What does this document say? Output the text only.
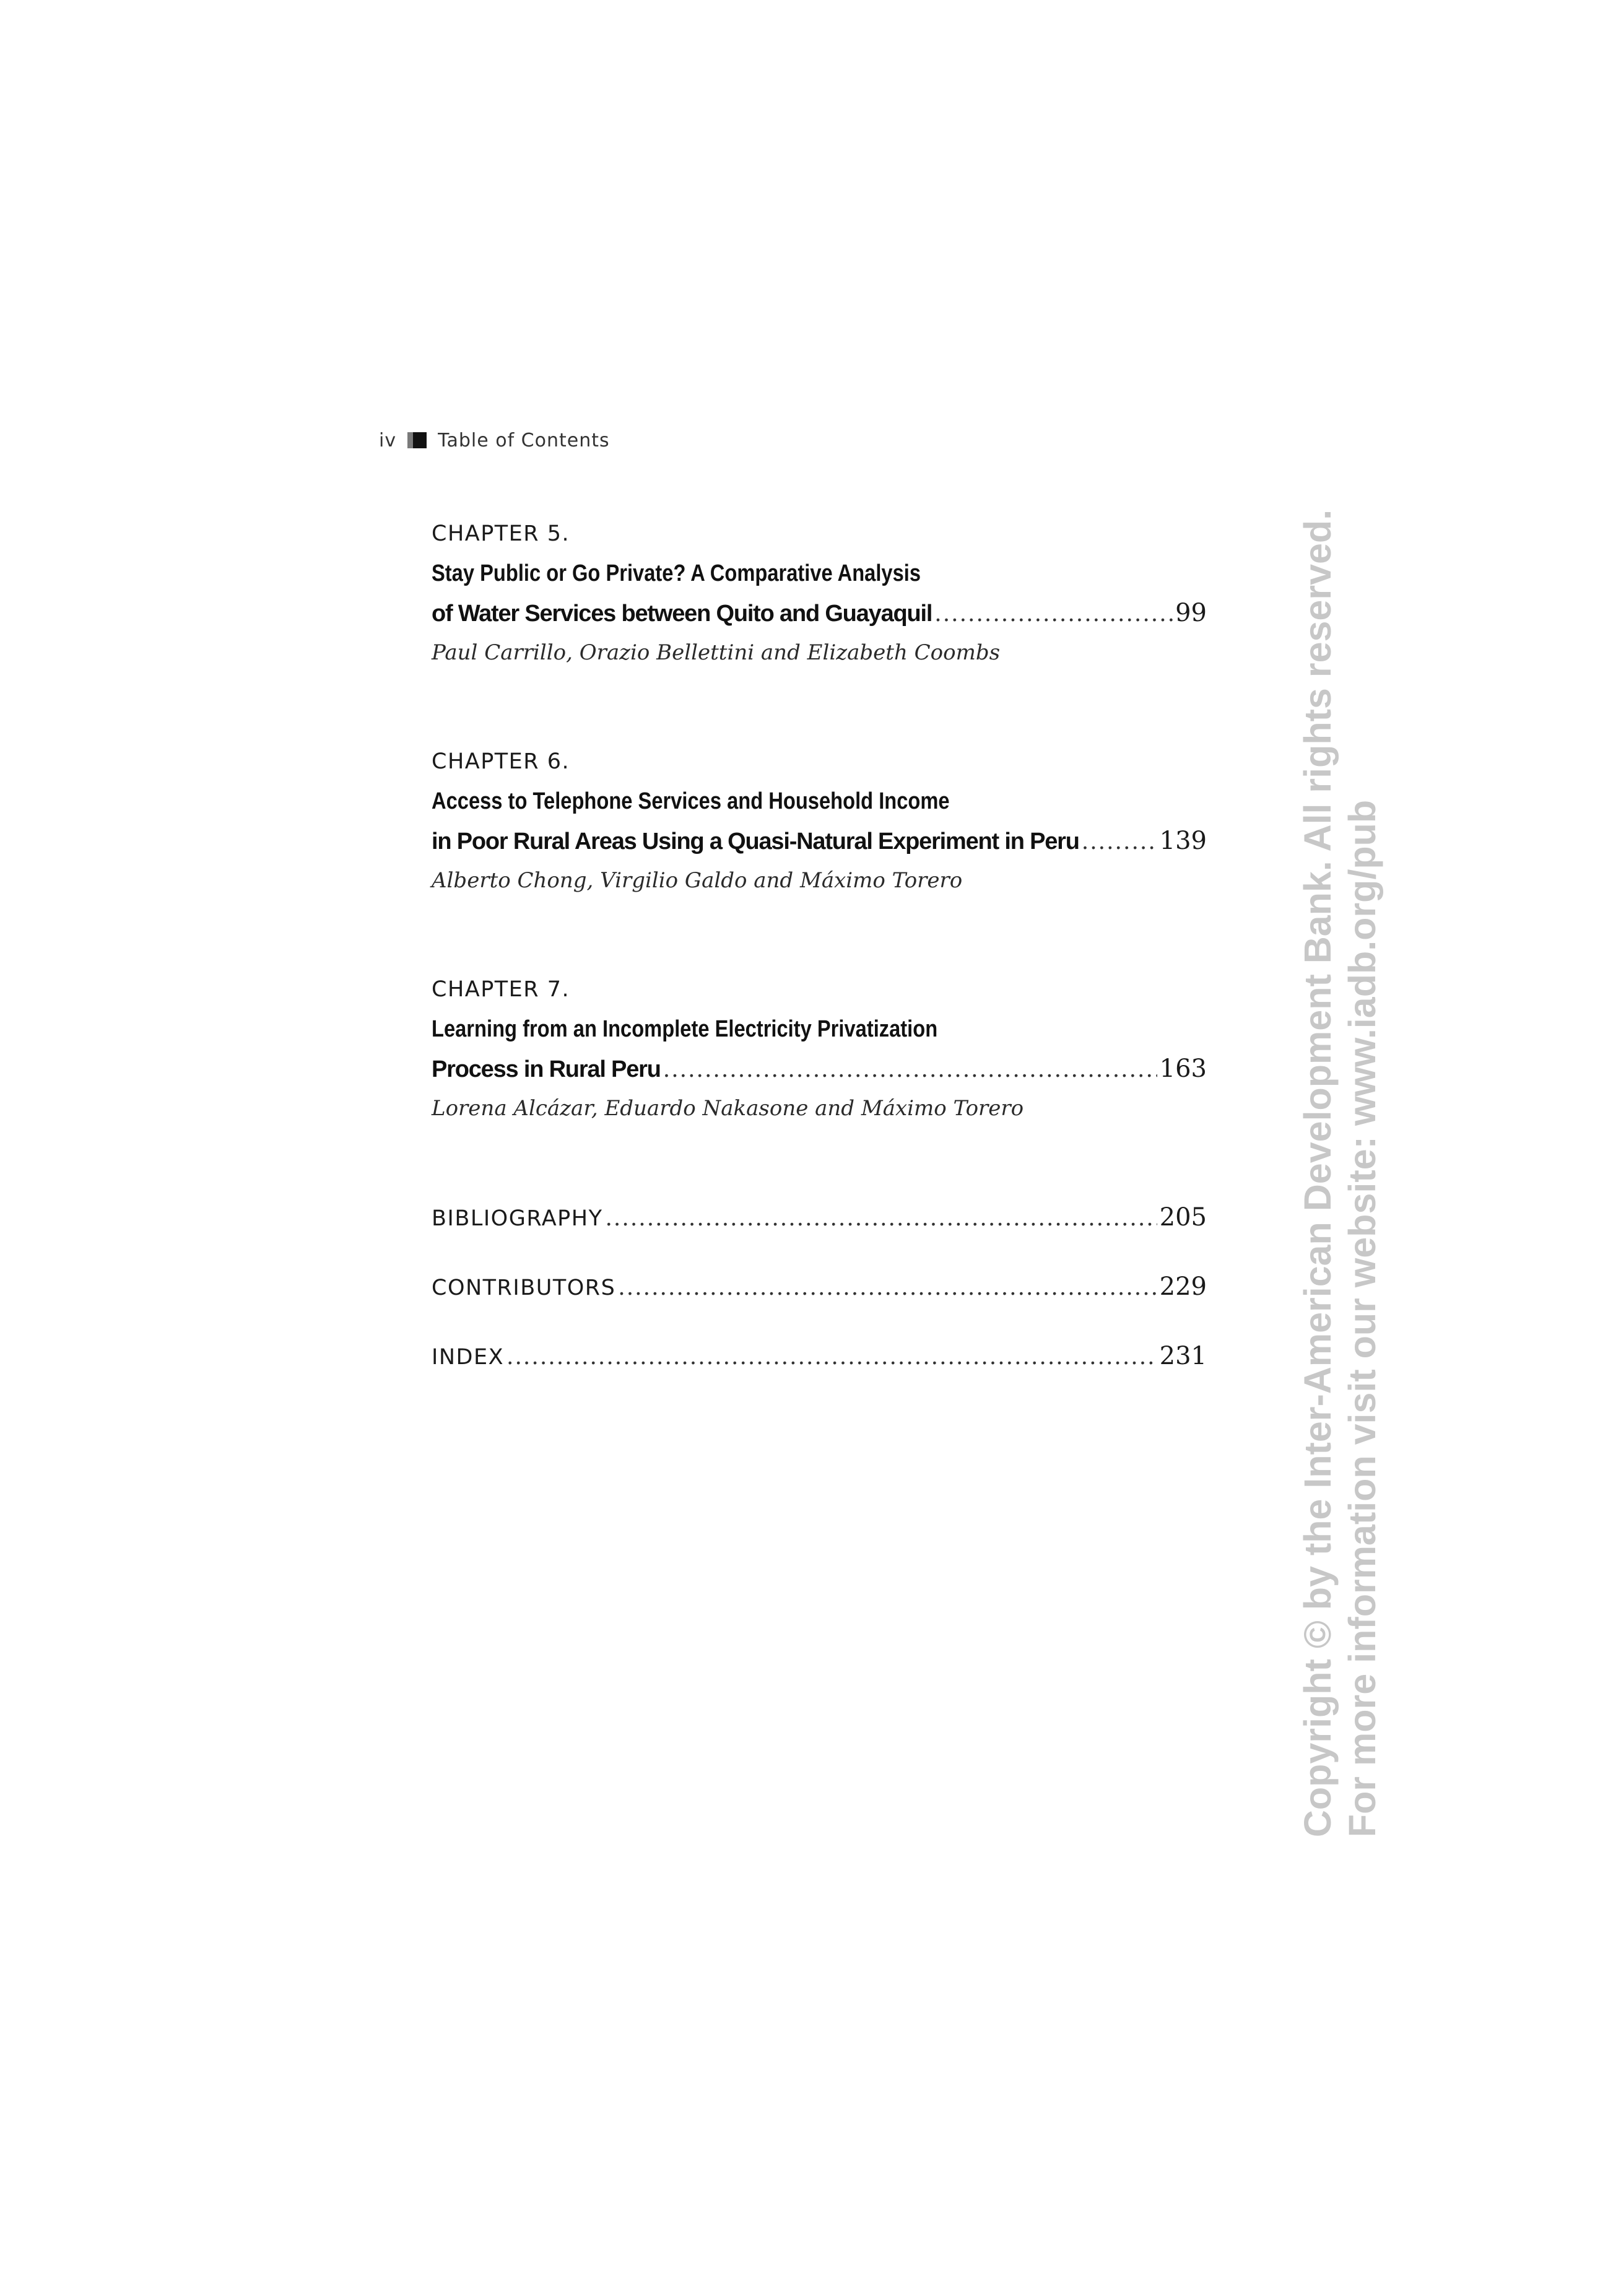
iv Table of Contents
CHAPTER 5.
Stay Public or Go Private? A Comparative Analysis
of Water Services between Quito and Guayaquil .....	99
Paul Carrillo, Orazio Bellettini and Elizabeth Coombs
CHAPTER 6.
Access to Telephone Services and Household Income
in Poor Rural Areas Using a Quasi-Natural Experiment in Peru .....	139
Alberto Chong, Virgilio Galdo and Máximo Torero
CHAPTER 7.
Learning from an Incomplete Electricity Privatization
Process in Rural Peru .....	163
Lorena Alcázar, Eduardo Nakasone and Máximo Torero
BIBLIOGRAPHY .....	205
CONTRIBUTORS .....	229
INDEX .....	231 Copyright © by the Inter-American Development Bank. All rights reserved. For more information visit our website: www.iadb.org/pub
